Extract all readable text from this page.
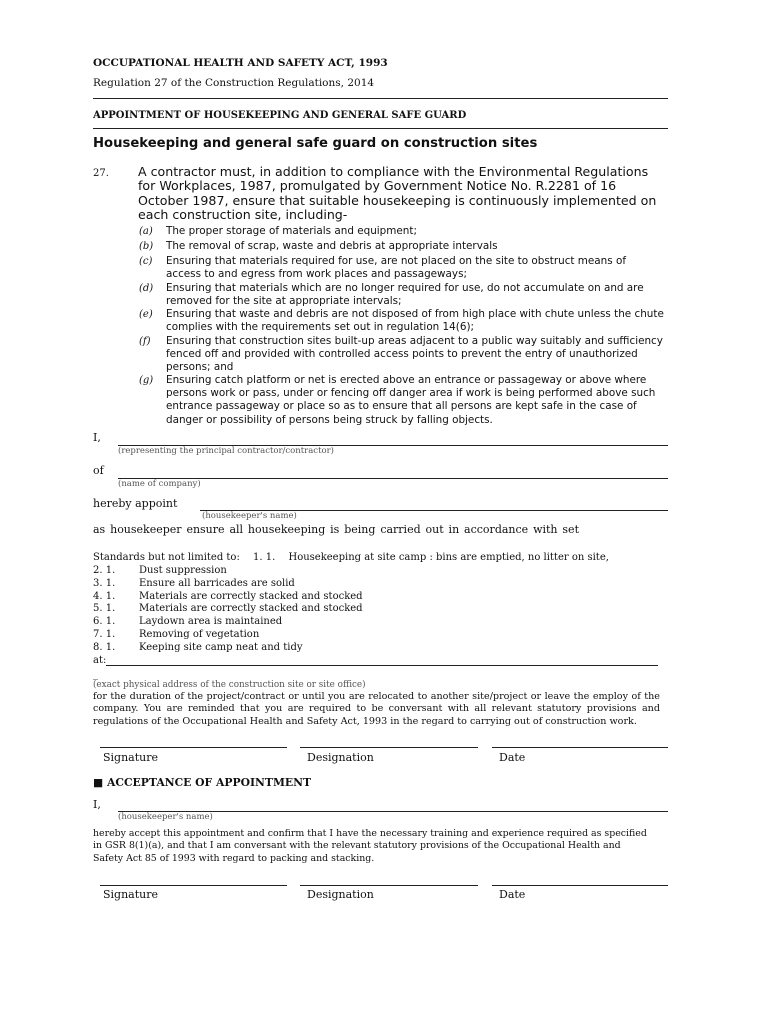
OCCUPATIONAL HEALTH AND SAFETY ACT, 1993
Regulation 27 of the Construction Regulations, 2014
APPOINTMENT OF HOUSEKEEPING AND GENERAL SAFE GUARD
Housekeeping and general safe guard on construction sites
27. A contractor must, in addition to compliance with the Environmental Regulations for Workplaces, 1987, promulgated by Government Notice No. R.2281 of 16 October 1987, ensure that suitable housekeeping is continuously implemented on each construction site, including-
(a) The proper storage of materials and equipment;
(b) The removal of scrap, waste and debris at appropriate intervals
(c) Ensuring that materials required for use, are not placed on the site to obstruct means of access to and egress from work places and passageways;
(d) Ensuring that materials which are no longer required for use, do not accumulate on and are removed for the site at appropriate intervals;
(e) Ensuring that waste and debris are not disposed of from high place with chute unless the chute complies with the requirements set out in regulation 14(6);
(f) Ensuring that construction sites built-up areas adjacent to a public way suitably and sufficiency fenced off and provided with controlled access points to prevent the entry of unauthorized persons; and
(g) Ensuring catch platform or net is erected above an entrance or passageway or above where persons work or pass, under or fencing off danger area if work is being performed above such entrance passageway or place so as to ensure that all persons are kept safe in the case of danger or possibility of persons being struck by falling objects.
I,
(representing the principal contractor/contractor)
of
(name of company)
hereby appoint
(housekeeper's name)
as housekeeper ensure all housekeeping is being carried out in accordance with set
Standards but not limited to: 1. 1. Housekeeping at site camp : bins are emptied, no litter on site,
2. 1. Dust suppression
3. 1. Ensure all barricades are solid
4. 1. Materials are correctly stacked and stocked
5. 1. Materials are correctly stacked and stocked
6. 1. Laydown area is maintained
7. 1. Removing of vegetation
8. 1. Keeping site camp neat and tidy
at:
_
(exact physical address of the construction site or site office)
for the duration of the project/contract or until you are relocated to another site/project or leave the employ of the company. You are reminded that you are required to be conversant with all relevant statutory provisions and regulations of the Occupational Health and Safety Act, 1993 in the regard to carrying out of construction work.
Signature	Designation	Date
■ ACCEPTANCE OF APPOINTMENT
I,
(housekeeper's name)
hereby accept this appointment and confirm that I have the necessary training and experience required as specified in GSR 8(1)(a), and that I am conversant with the relevant statutory provisions of the Occupational Health and Safety Act 85 of 1993 with regard to packing and stacking.
Signature	Designation	Date
